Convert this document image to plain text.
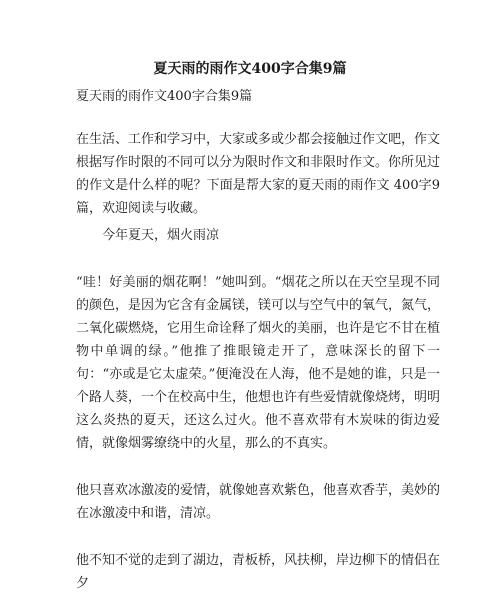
夏天雨的雨作文400字合集9篇

夏天雨的雨作文400字合集9篇

在生活、工作和学习中，大家或多或少都会接触过作文吧，作文根据写作时限的不同可以分为限时作文和非限时作文。你所见过的作文是什么样的呢？下面是帮大家的夏天雨的雨作文 400字9篇，欢迎阅读与收藏。

今年夏天，烟火雨凉

“哇！好美丽的烟花啊！”她叫到。“烟花之所以在天空呈现不同的颜色，是因为它含有金属镁，镁可以与空气中的氧气，氮气，二氧化碳燃烧，它用生命诠释了烟火的美丽，也许是它不甘在植物中单调的绿。”他推了推眼镜走开了，意味深长的留下一句：“亦或是它太虚荣。”便淹没在人海，他不是她的谁，只是一个路人葵，一个在校高中生，他想也许有些爱情就像烧烤，明明这么炎热的夏天，还这么过火。他不喜欢带有木炭味的街边爱情，就像烟雾缭绕中的火星，那么的不真实。

他只喜欢冰激凌的爱情，就像她喜欢紫色，他喜欢香芋，美妙的在冰激凌中和谐，清凉。

他不知不觉的走到了湖边，青板桥，风扶柳，岸边柳下的情侣在夕
